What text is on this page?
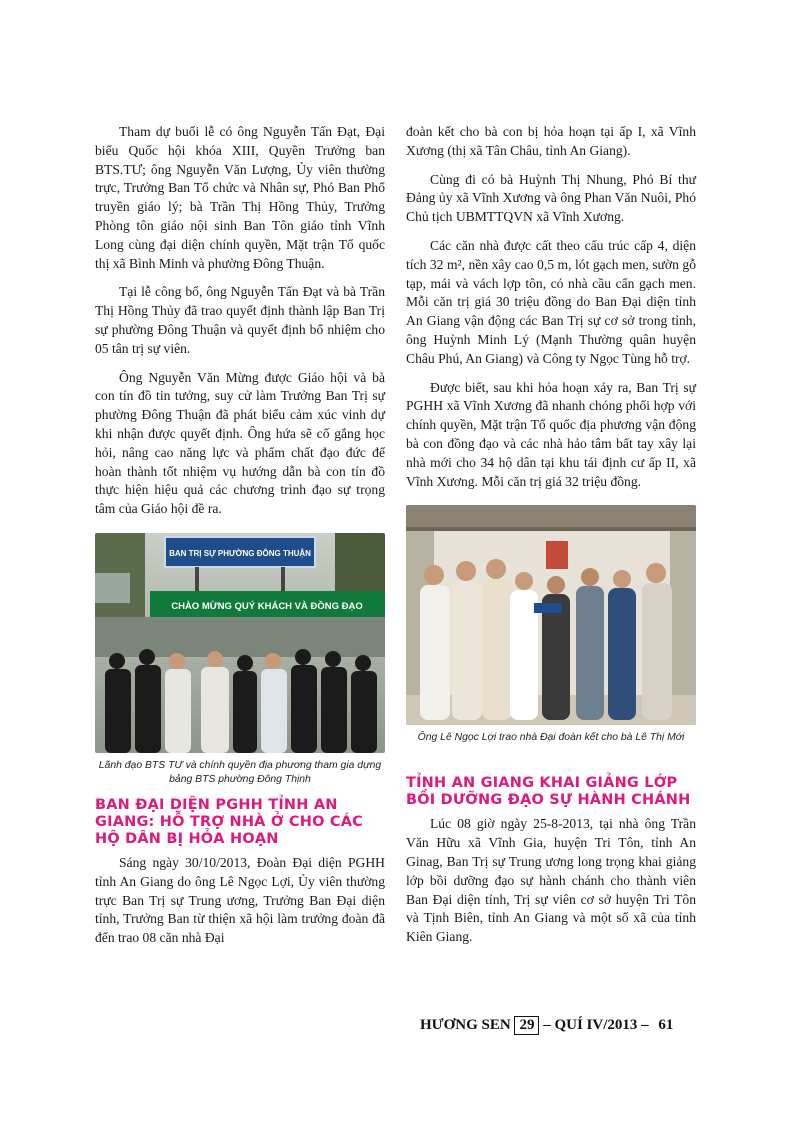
Tham dự buổi lễ có ông Nguyễn Tấn Đạt, Đại biểu Quốc hội khóa XIII, Quyền Trưởng ban BTS.TƯ; ông Nguyễn Văn Lượng, Ủy viên thường trực, Trưởng Ban Tổ chức và Nhân sự, Phó Ban Phổ truyền giáo lý; bà Trần Thị Hồng Thủy, Trưởng Phòng tôn giáo nội sinh Ban Tôn giáo tỉnh Vĩnh Long cùng đại diện chính quyền, Mặt trận Tổ quốc thị xã Bình Minh và phường Đông Thuận.

Tại lễ công bố, ông Nguyễn Tấn Đạt và bà Trần Thị Hồng Thủy đã trao quyết định thành lập Ban Trị sự phường Đông Thuận và quyết định bổ nhiệm cho 05 tân trị sự viên.

Ông Nguyễn Văn Mừng được Giáo hội và bà con tín đồ tin tưởng, suy cử làm Trưởng Ban Trị sự phường Đông Thuận đã phát biểu cảm xúc vinh dự khi nhận được quyết định. Ông hứa sẽ cố gắng học hỏi, nâng cao năng lực và phẩm chất đạo đức để hoàn thành tốt nhiệm vụ hướng dẫn bà con tín đồ thực hiện hiệu quả các chương trình đạo sự trọng tâm của Giáo hội đề ra.

BAN TRỊ SỰ PHƯỜNG ĐÔNG THUẬN
CHÀO MỪNG QUÝ KHÁCH VÀ ĐỒNG ĐẠO
Lãnh đạo BTS TƯ và chính quyền địa phương tham gia dựng bảng BTS phường Đông Thịnh
BAN ĐẠI DIỆN PGHH TỈNH AN GIANG: HỖ TRỢ NHÀ Ở CHO CÁC HỘ DÂN BỊ HỎA HOẠN

Sáng ngày 30/10/2013, Đoàn Đại diện PGHH tỉnh An Giang do ông Lê Ngọc Lợi, Ủy viên thường trực Ban Trị sự Trung ương, Trưởng Ban Đại diện tỉnh, Trưởng Ban từ thiện xã hội làm trưởng đoàn đã đến trao 08 căn nhà Đại

đoàn kết cho bà con bị hỏa hoạn tại ấp I, xã Vĩnh Xương (thị xã Tân Châu, tỉnh An Giang).

Cùng đi có bà Huỳnh Thị Nhung, Phó Bí thư Đảng ủy xã Vĩnh Xương và ông Phan Văn Nuôi, Phó Chủ tịch UBMTTQVN xã Vĩnh Xương.

Các căn nhà được cất theo cấu trúc cấp 4, diện tích 32 m², nền xây cao 0,5 m, lót gạch men, sườn gỗ tạp, mái và vách lợp tôn, có nhà cầu cẩn gạch men. Mỗi căn trị giá 30 triệu đồng do Ban Đại diện tỉnh An Giang vận động các Ban Trị sự cơ sở trong tỉnh, ông Huỳnh Minh Lý (Mạnh Thường quân huyện Châu Phú, An Giang) và Công ty Ngọc Tùng hỗ trợ.

Được biết, sau khi hỏa hoạn xảy ra, Ban Trị sự PGHH xã Vĩnh Xương đã nhanh chóng phối hợp với chính quyền, Mặt trận Tổ quốc địa phương vận động bà con đồng đạo và các nhà hảo tâm bất tay xây lại nhà mới cho 34 hộ dân tại khu tái định cư ấp II, xã Vĩnh Xương. Mỗi căn trị giá 32 triệu đồng.

Ông Lê Ngọc Lợi trao nhà Đại đoàn kết cho bà Lê Thị Mới
TỈNH AN GIANG KHAI GIẢNG LỚP BỒI DƯỠNG ĐẠO SỰ HÀNH CHÁNH

Lúc 08 giờ ngày 25-8-2013, tại nhà ông Trần Văn Hữu xã Vĩnh Gia, huyện Tri Tôn, tỉnh An Ginag, Ban Trị sự Trung ương long trọng khai giảng lớp bồi dưỡng đạo sự hành chánh cho thành viên Ban Đại diện tỉnh, Trị sự viên cơ sở huyện Tri Tôn và Tịnh Biên, tỉnh An Giang và một số xã của tỉnh Kiên Giang.

HƯƠNG SEN 29 – QUÍ IV/2013 – 61
